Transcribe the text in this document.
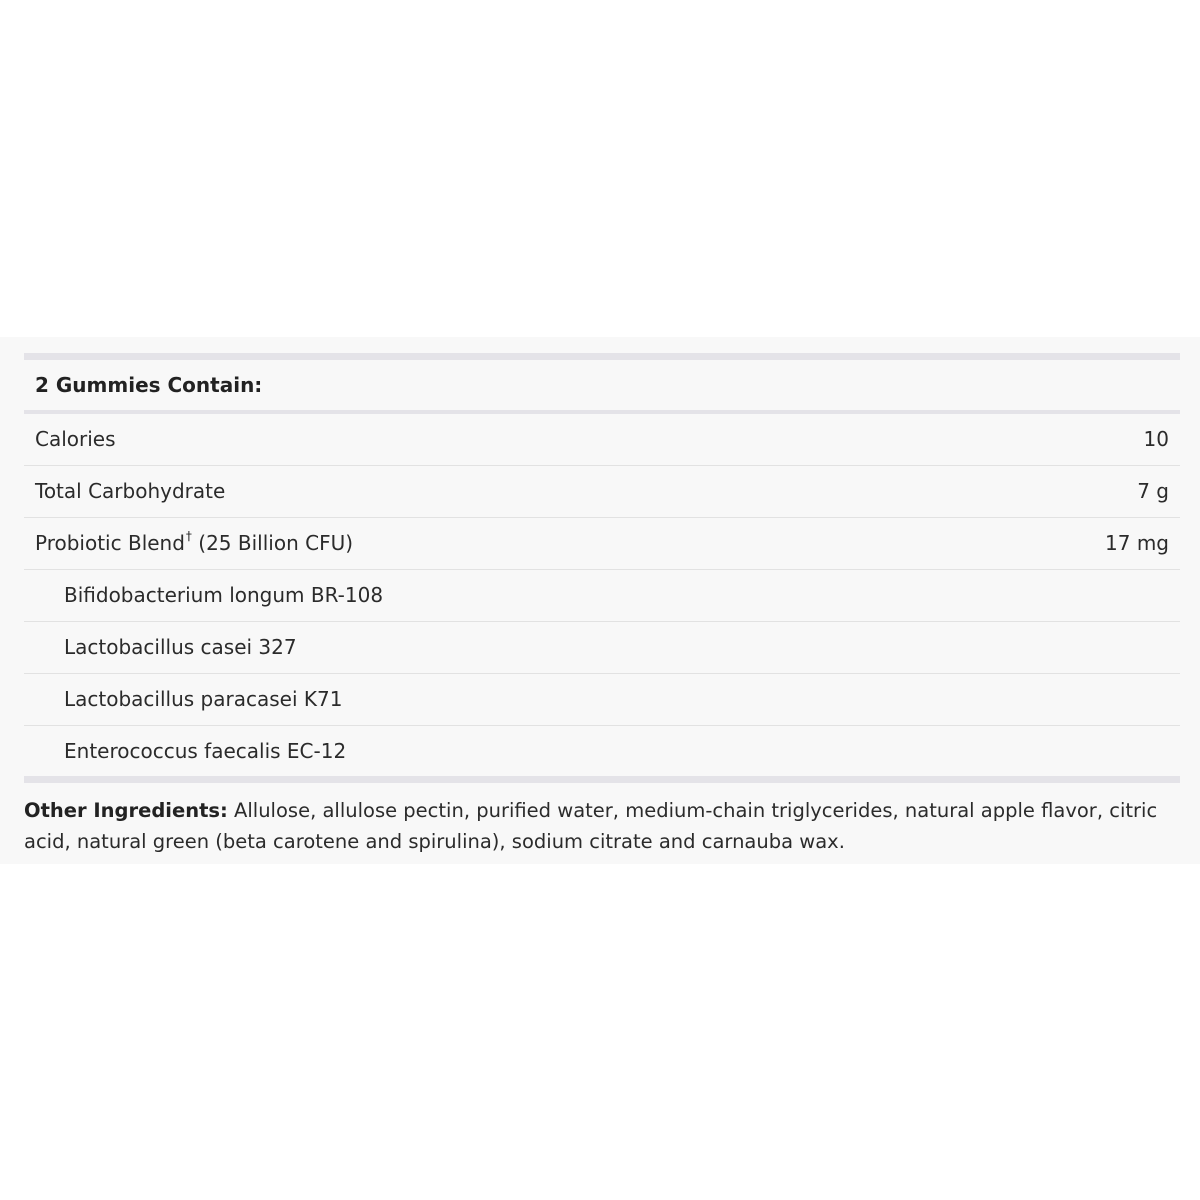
2 Gummies Contain:
Calories	10
Total Carbohydrate	7 g
Probiotic Blend† (25 Billion CFU)	17 mg
Bifidobacterium longum BR-108
Lactobacillus casei 327
Lactobacillus paracasei K71
Enterococcus faecalis EC-12
Other Ingredients: Allulose, allulose pectin, purified water, medium-chain triglycerides, natural apple flavor, citric acid, natural green (beta carotene and spirulina), sodium citrate and carnauba wax.
